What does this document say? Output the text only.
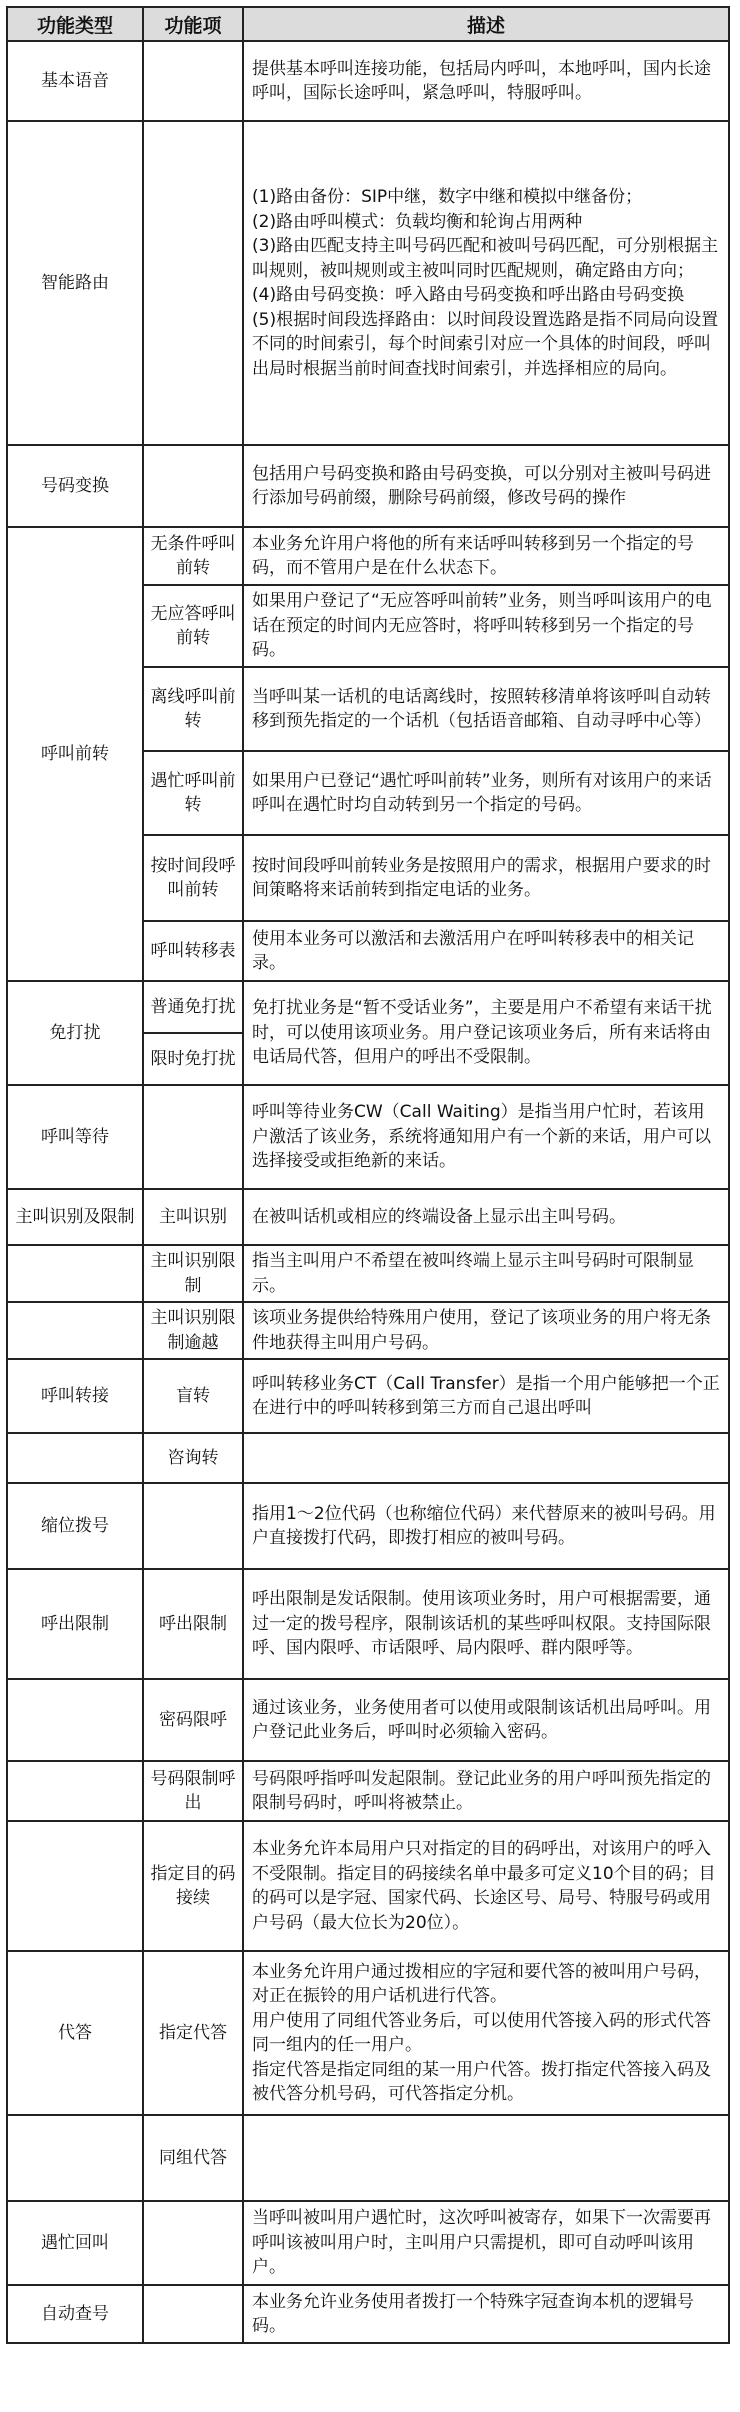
功能类型	功能项	描述
基本语音		提供基本呼叫连接功能，包括局内呼叫，本地呼叫，国内长途呼叫，国际长途呼叫，紧急呼叫，特服呼叫。

智能路由		(1)路由备份：SIP中继，数字中继和模拟中继备份；
(2)路由呼叫模式：负载均衡和轮询占用两种
(3)路由匹配支持主叫号码匹配和被叫号码匹配，可分别根据主叫规则，被叫规则或主被叫同时匹配规则，确定路由方向；
(4)路由号码变换：呼入路由号码变换和呼出路由号码变换
(5)根据时间段选择路由：以时间段设置选路是指不同局向设置不同的时间索引，每个时间索引对应一个具体的时间段，呼叫出局时根据当前时间查找时间索引，并选择相应的局向。

号码变换		包括用户号码变换和路由号码变换，可以分别对主被叫号码进行添加号码前缀，删除号码前缀，修改号码的操作

呼叫前转	无条件呼叫前转	本业务允许用户将他的所有来话呼叫转移到另一个指定的号码，而不管用户是在什么状态下。

	无应答呼叫前转	如果用户登记了“无应答呼叫前转”业务，则当呼叫该用户的电话在预定的时间内无应答时，将呼叫转移到另一个指定的号码。

	离线呼叫前转	当呼叫某一话机的电话离线时，按照转移清单将该呼叫自动转移到预先指定的一个话机（包括语音邮箱、自动寻呼中心等）

	遇忙呼叫前转	如果用户已登记“遇忙呼叫前转”业务，则所有对该用户的来话呼叫在遇忙时均自动转到另一个指定的号码。

	按时间段呼叫前转	按时间段呼叫前转业务是按照用户的需求，根据用户要求的时间策略将来话前转到指定电话的业务。

	呼叫转移表	使用本业务可以激活和去激活用户在呼叫转移表中的相关记录。

免打扰	普通免打扰	免打扰业务是“暂不受话业务”，主要是用户不希望有来话干扰时，可以使用该项业务。用户登记该项业务后，所有来话将由电话局代答，但用户的呼出不受限制。

	限时免打扰	
呼叫等待		呼叫等待业务CW（Call Waiting）是指当用户忙时，若该用户激活了该业务，系统将通知用户有一个新的来话，用户可以选择接受或拒绝新的来话。

主叫识别及限制	主叫识别	在被叫话机或相应的终端设备上显示出主叫号码。

	主叫识别限制	指当主叫用户不希望在被叫终端上显示主叫号码时可限制显示。

	主叫识别限制逾越	该项业务提供给特殊用户使用，登记了该项业务的用户将无条件地获得主叫用户号码。

呼叫转接	盲转	呼叫转移业务CT（Call Transfer）是指一个用户能够把一个正在进行中的呼叫转移到第三方而自己退出呼叫

	咨询转	
缩位拨号		指用1～2位代码（也称缩位代码）来代替原来的被叫号码。用户直接拨打代码，即拨打相应的被叫号码。

呼出限制	呼出限制	呼出限制是发话限制。使用该项业务时，用户可根据需要，通过一定的拨号程序，限制该话机的某些呼叫权限。支持国际限呼、国内限呼、市话限呼、局内限呼、群内限呼等。

	密码限呼	通过该业务，业务使用者可以使用或限制该话机出局呼叫。用户登记此业务后，呼叫时必须输入密码。

	号码限制呼出	号码限呼指呼叫发起限制。登记此业务的用户呼叫预先指定的限制号码时，呼叫将被禁止。

	指定目的码接续	本业务允许本局用户只对指定的目的码呼出，对该用户的呼入不受限制。指定目的码接续名单中最多可定义10个目的码；目的码可以是字冠、国家代码、长途区号、局号、特服号码或用户号码（最大位长为20位）。

代答	指定代答	本业务允许用户通过拨相应的字冠和要代答的被叫用户号码，对正在振铃的用户话机进行代答。
用户使用了同组代答业务后，可以使用代答接入码的形式代答同一组内的任一用户。
指定代答是指定同组的某一用户代答。拨打指定代答接入码及被代答分机号码，可代答指定分机。

	同组代答	
遇忙回叫		当呼叫被叫用户遇忙时，这次呼叫被寄存，如果下一次需要再呼叫该被叫用户时，主叫用户只需提机，即可自动呼叫该用户。

自动查号		本业务允许业务使用者拨打一个特殊字冠查询本机的逻辑号码。
